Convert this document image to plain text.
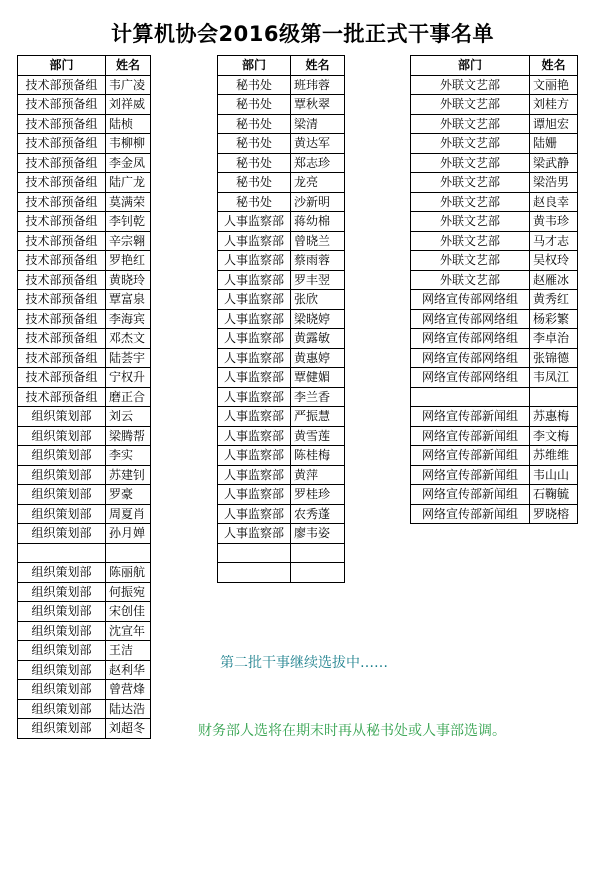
计算机协会2016级第一批正式干事名单
部门	姓名
技术部预备组	韦广凌
技术部预备组	刘祥威
技术部预备组	陆桢
技术部预备组	韦柳柳
技术部预备组	李金凤
技术部预备组	陆广龙
技术部预备组	莫满荣
技术部预备组	李钊乾
技术部预备组	辛宗翱
技术部预备组	罗艳红
技术部预备组	黄晓玲
技术部预备组	覃富泉
技术部预备组	李海宾
技术部预备组	邓杰文
技术部预备组	陆荟宇
技术部预备组	宁权升
技术部预备组	磨正合
组织策划部	刘云
组织策划部	梁腾帮
组织策划部	李实
组织策划部	苏建钊
组织策划部	罗豪
组织策划部	周夏肖
组织策划部	孙月婵

组织策划部	陈丽航
组织策划部	何振宛
组织策划部	宋创佳
组织策划部	沈宣年
组织策划部	王洁
组织策划部	赵利华
组织策划部	曾营烽
组织策划部	陆达浩
组织策划部	刘超冬
部门	姓名
秘书处	班玮蓉
秘书处	覃秋翠
秘书处	梁清
秘书处	黄达军
秘书处	郑志珍
秘书处	龙亮
秘书处	沙新明
人事监察部	蒋幼棉
人事监察部	曾晓兰
人事监察部	蔡雨蓉
人事监察部	罗丰翌
人事监察部	张欣
人事监察部	梁晓婷
人事监察部	黄露敏
人事监察部	黄惠婷
人事监察部	覃健媚
人事监察部	李兰香
人事监察部	严振慧
人事监察部	黄雪莲
人事监察部	陈桂梅
人事监察部	黄萍
人事监察部	罗桂珍
人事监察部	农秀蓬
人事监察部	廖韦姿

部门	姓名
外联文艺部	文丽艳
外联文艺部	刘桂方
外联文艺部	谭旭宏
外联文艺部	陆姗
外联文艺部	梁武静
外联文艺部	梁浩男
外联文艺部	赵良幸
外联文艺部	黄韦珍
外联文艺部	马才志
外联文艺部	吴权玲
外联文艺部	赵雁冰
网络宣传部网络组	黄秀红
网络宣传部网络组	杨彩繁
网络宣传部网络组	李卓治
网络宣传部网络组	张锦德
网络宣传部网络组	韦凤江

网络宣传部新闻组	苏惠梅
网络宣传部新闻组	李文梅
网络宣传部新闻组	苏维维
网络宣传部新闻组	韦山山
网络宣传部新闻组	石鞠毓
网络宣传部新闻组	罗晓榕
第二批干事继续选拔中……
财务部人选将在期末时再从秘书处或人事部选调。
